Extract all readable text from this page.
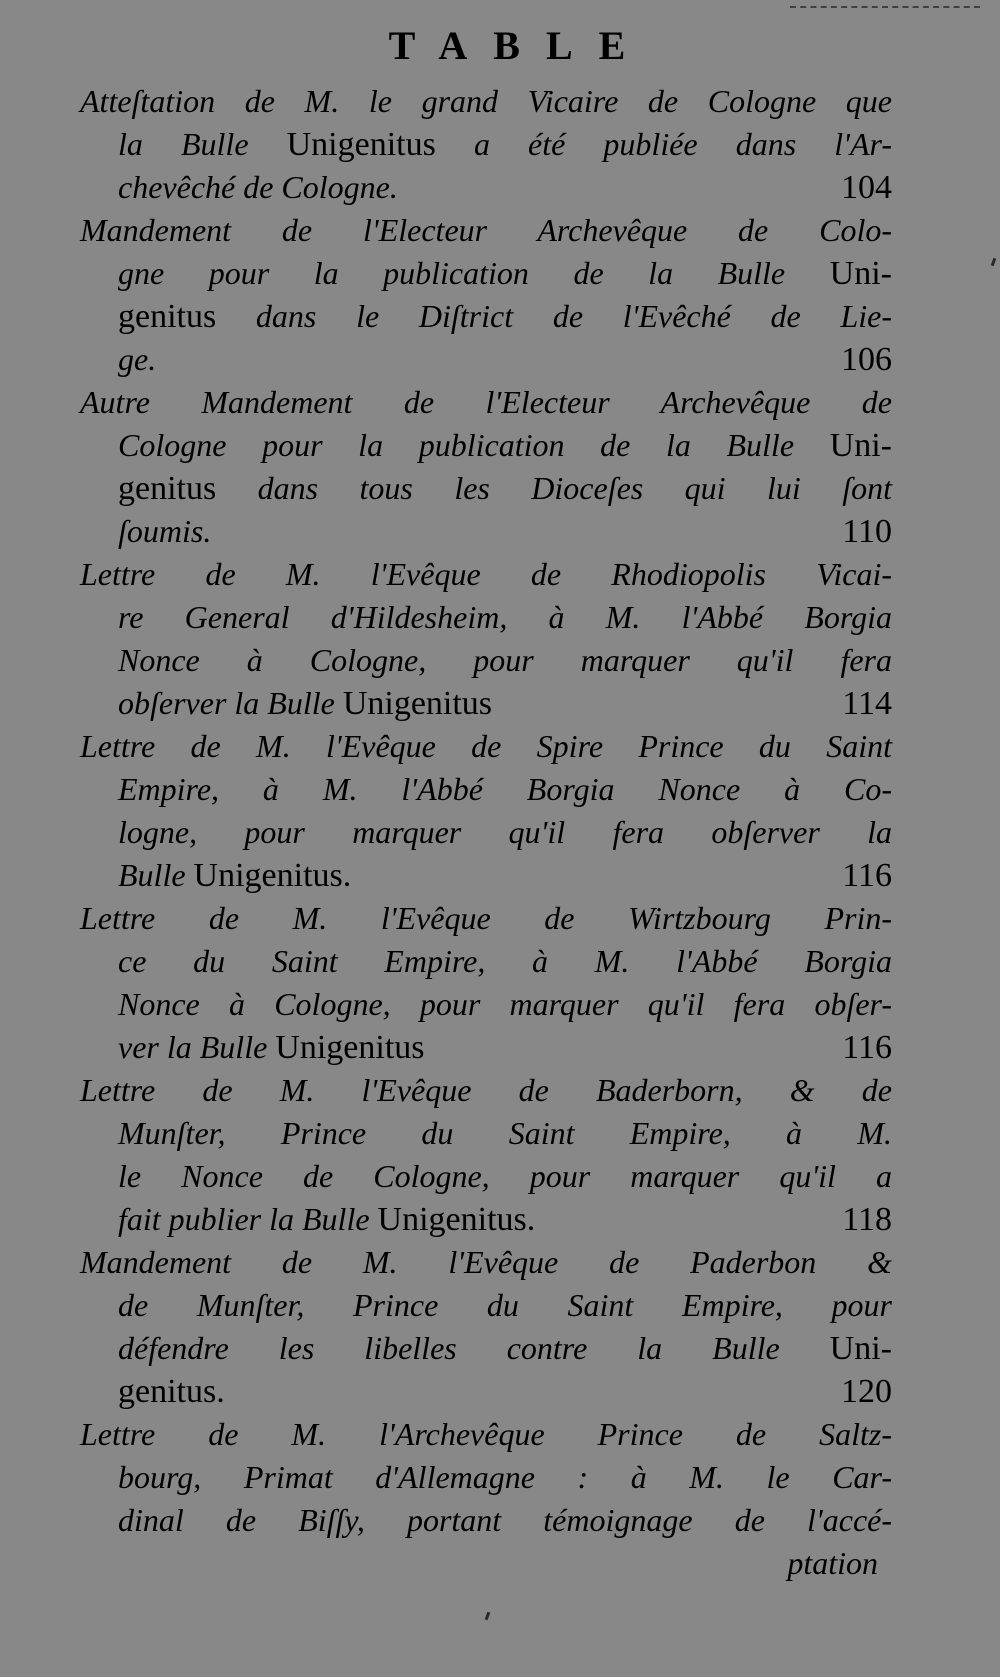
TABLE
Atteſtation de M. le grand Vicaire de Cologne que
la Bulle Unigenitus a été publiée dans l'Ar-
chevêché de Cologne.	104
Mandement de l'Electeur Archevêque de Colo-
gne pour la publication de la Bulle Uni-
genitus dans le Diſtrict de l'Evêché de Lie-
ge.	106
Autre Mandement de l'Electeur Archevêque de
Cologne pour la publication de la Bulle Uni-
genitus dans tous les Dioceſes qui lui ſont
ſoumis.	110
Lettre de M. l'Evêque de Rhodiopolis Vicai-
re General d'Hildesheim, à M. l'Abbé Borgia
Nonce à Cologne, pour marquer qu'il fera
obſerver la Bulle Unigenitus	114
Lettre de M. l'Evêque de Spire Prince du Saint
Empire, à M. l'Abbé Borgia Nonce à Co-
logne, pour marquer qu'il fera obſerver la
Bulle Unigenitus.	116
Lettre de M. l'Evêque de Wirtzbourg Prin-
ce du Saint Empire, à M. l'Abbé Borgia
Nonce à Cologne, pour marquer qu'il fera obſer-
ver la Bulle Unigenitus	116
Lettre de M. l'Evêque de Baderborn, & de
Munſter, Prince du Saint Empire, à M.
le Nonce de Cologne, pour marquer qu'il a
fait publier la Bulle Unigenitus.	118
Mandement de M. l'Evêque de Paderbon &
de Munſter, Prince du Saint Empire, pour
défendre les libelles contre la Bulle Uni-
genitus.	120
Lettre de M. l'Archevêque Prince de Saltz-
bourg, Primat d'Allemagne : à M. le Car-
dinal de Biſſy, portant témoignage de l'accé-
ptation
